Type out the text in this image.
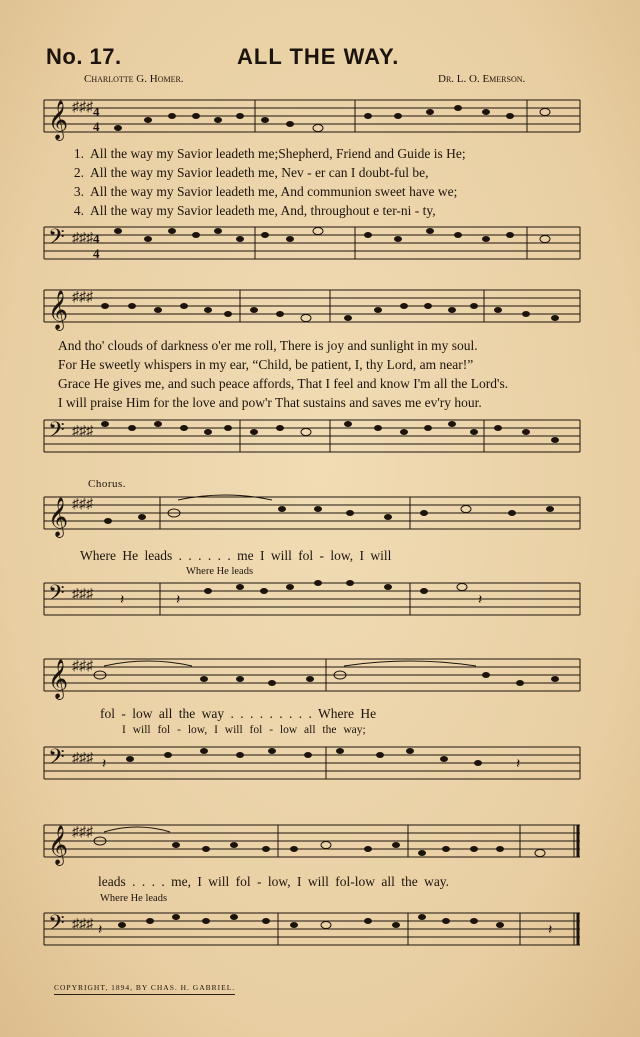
No. 17.	ALL THE WAY.
Charlotte G. Homer.	Dr. L. O. Emerson.
𝄞 ♯♯♯ 4
4
1. All the way my Savior leadeth me;Shepherd, Friend and Guide is He;
2. All the way my Savior leadeth me, Nev - er can I doubt-ful be,
3. All the way my Savior leadeth me, And communion sweet have we;
4. All the way my Savior leadeth me, And, throughout e ter-ni - ty,
𝄢 ♯♯♯ 4
4
𝄞 ♯♯♯
And tho' clouds of darkness o'er me roll, There is joy and sunlight in my soul.
For He sweetly whispers in my ear, “Child, be patient, I, thy Lord, am near!”
Grace He gives me, and such peace affords, That I feel and know I'm all the Lord's.
I will praise Him for the love and pow'r That sustains and saves me ev'ry hour.
𝄢 ♯♯♯
Chorus.
𝄞 ♯♯♯
Where He leads . . . . . . me I will fol - low, I will
Where He leads
𝄢 ♯♯♯ 𝄽	𝄽	𝄽
𝄞 ♯♯♯
fol - low all the way . . . . . . . . . Where He
I will fol - low, I will fol - low all the way;
𝄢 ♯♯♯ 𝄽	𝄽
𝄞 ♯♯♯
leads . . . . me, I will fol - low, I will fol-low all the way.
Where He leads
𝄢 ♯♯♯ 𝄽	𝄽
COPYRIGHT, 1894, BY CHAS. H. GABRIEL.
